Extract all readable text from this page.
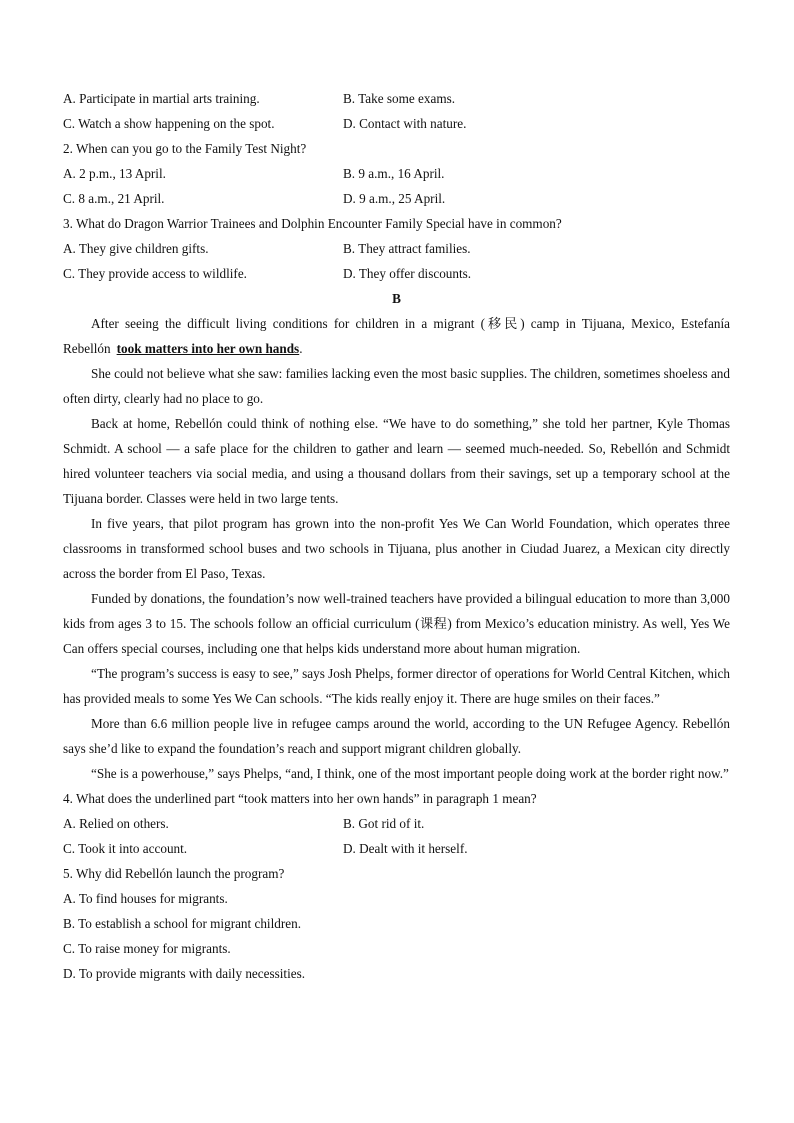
A. Participate in martial arts training.	B. Take some exams.
C. Watch a show happening on the spot.	D. Contact with nature.
2. When can you go to the Family Test Night?
A. 2 p.m., 13 April.	B. 9 a.m., 16 April.
C. 8 a.m., 21 April.	D. 9 a.m., 25 April.
3. What do Dragon Warrior Trainees and Dolphin Encounter Family Special have in common?
A. They give children gifts.	B. They attract families.
C. They provide access to wildlife.	D. They offer discounts.
B

After seeing the difficult living conditions for children in a migrant (移民) camp in Tijuana, Mexico, Estefanía Rebellón took matters into her own hands.

She could not believe what she saw: families lacking even the most basic supplies. The children, sometimes shoeless and often dirty, clearly had no place to go.

Back at home, Rebellón could think of nothing else. “We have to do something,” she told her partner, Kyle Thomas Schmidt. A school — a safe place for the children to gather and learn — seemed much-needed. So, Rebellón and Schmidt hired volunteer teachers via social media, and using a thousand dollars from their savings, set up a temporary school at the Tijuana border. Classes were held in two large tents.

In five years, that pilot program has grown into the non-profit Yes We Can World Foundation, which operates three classrooms in transformed school buses and two schools in Tijuana, plus another in Ciudad Juarez, a Mexican city directly across the border from El Paso, Texas.

Funded by donations, the foundation’s now well-trained teachers have provided a bilingual education to more than 3,000 kids from ages 3 to 15. The schools follow an official curriculum (课程) from Mexico’s education ministry. As well, Yes We Can offers special courses, including one that helps kids understand more about human migration.

“The program’s success is easy to see,” says Josh Phelps, former director of operations for World Central Kitchen, which has provided meals to some Yes We Can schools. “The kids really enjoy it. There are huge smiles on their faces.”

More than 6.6 million people live in refugee camps around the world, according to the UN Refugee Agency. Rebellón says she’d like to expand the foundation’s reach and support migrant children globally.

“She is a powerhouse,” says Phelps, “and, I think, one of the most important people doing work at the border right now.”

4. What does the underlined part “took matters into her own hands” in paragraph 1 mean?
A. Relied on others.	B. Got rid of it.
C. Took it into account.	D. Dealt with it herself.
5. Why did Rebellón launch the program?
A. To find houses for migrants.
B. To establish a school for migrant children.
C. To raise money for migrants.
D. To provide migrants with daily necessities.
